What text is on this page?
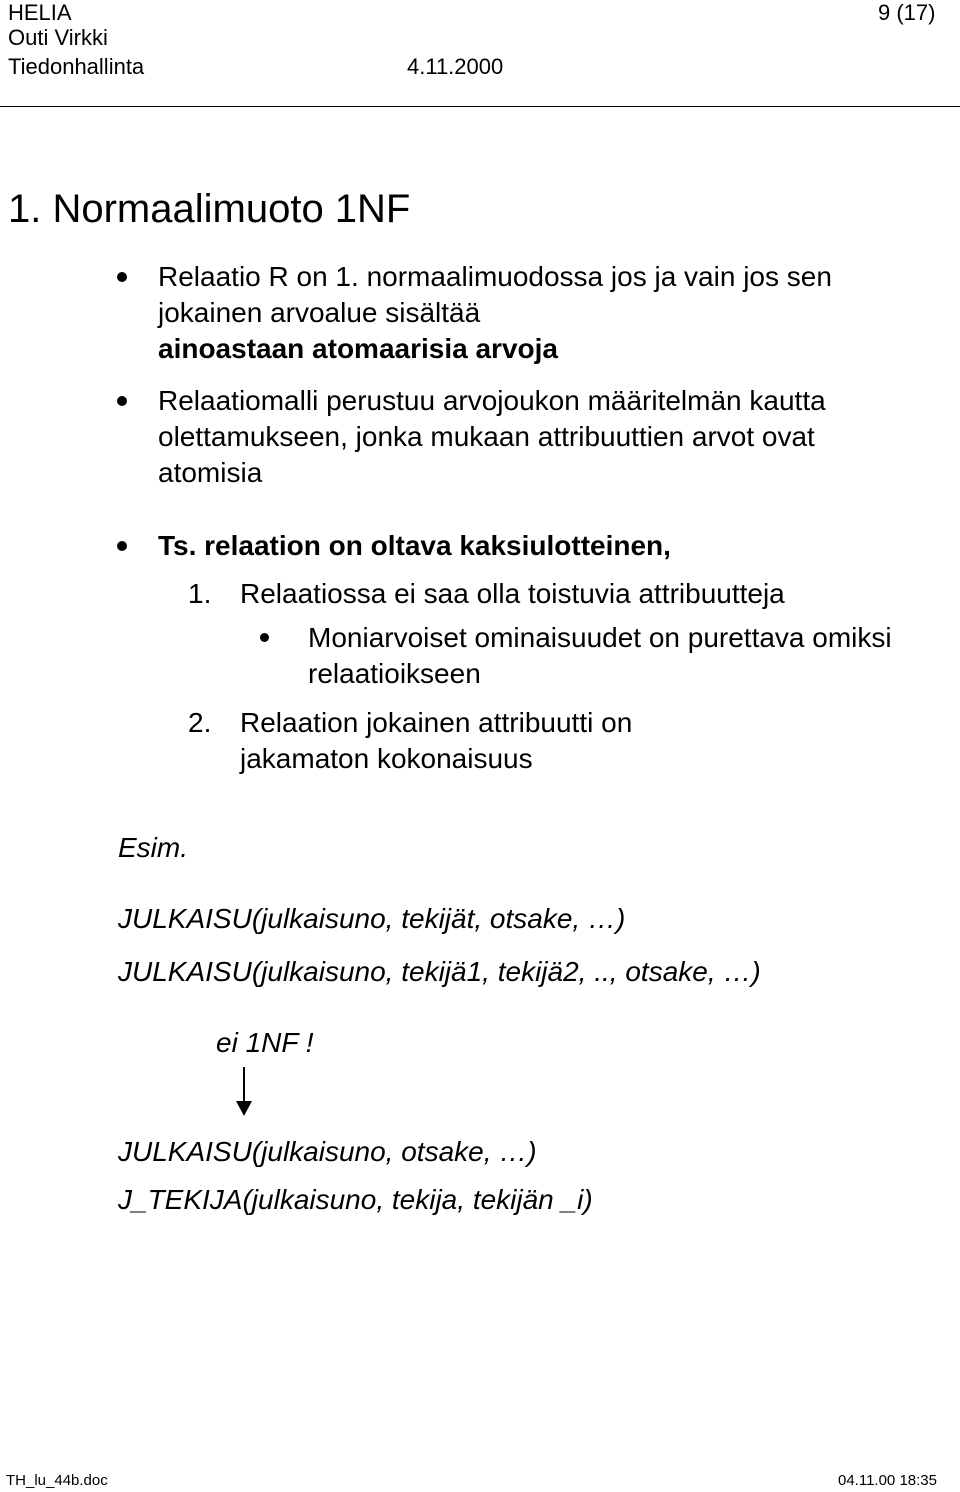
HELIA
Outi Virkki
Tiedonhallinta	4.11.2000
9 (17)
1. Normaalimuoto 1NF
Relaatio R on 1. normaalimuodossa jos ja vain jos sen
jokainen arvoalue sisältää
ainoastaan atomaarisia arvoja
Relaatiomalli perustuu arvojoukon määritelmän kautta
olettamukseen, jonka mukaan attribuuttien arvot ovat
atomisia
Ts. relaation on oltava kaksiulotteinen,
1. Relaatiossa ei saa olla toistuvia attribuutteja
Moniarvoiset ominaisuudet on purettava omiksi
relaatioikseen
2. Relaation jokainen attribuutti on
jakamaton kokonaisuus
Esim.
JULKAISU(julkaisuno, tekijät, otsake, …)
JULKAISU(julkaisuno, tekijä1, tekijä2, .., otsake, …)
ei 1NF !
JULKAISU(julkaisuno, otsake, …)
J_TEKIJA(julkaisuno, tekija, tekijän _i)
TH_lu_44b.doc	04.11.00 18:35
